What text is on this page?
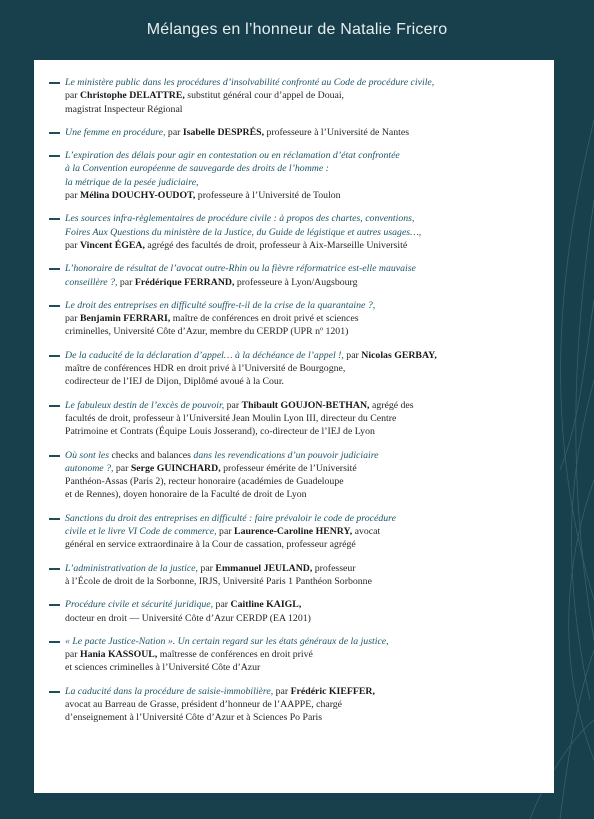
Mélanges en l’honneur de Natalie Fricero
Le ministère public dans les procédures d’insolvabilité confronté au Code de procédure civile,
par Christophe DELATTRE, substitut général cour d’appel de Douai,
magistrat Inspecteur Régional
Une femme en procédure, par Isabelle DESPRÉS, professeure à l’Université de Nantes
L’expiration des délais pour agir en contestation ou en réclamation d’état confrontée
à la Convention européenne de sauvegarde des droits de l’homme :
la métrique de la pesée judiciaire,
par Mélina DOUCHY-OUDOT, professeure à l’Université de Toulon
Les sources infra-règlementaires de procédure civile : à propos des chartes, conventions,
Foires Aux Questions du ministère de la Justice, du Guide de légistique et autres usages…,
par Vincent ÉGEA, agrégé des facultés de droit, professeur à Aix-Marseille Université
L’honoraire de résultat de l’avocat outre-Rhin ou la fièvre réformatrice est-elle mauvaise
conseillère ?, par Frédérique FERRAND, professeure à Lyon/Augsbourg
Le droit des entreprises en difficulté souffre-t-il de la crise de la quarantaine ?,
par Benjamin FERRARI, maître de conférences en droit privé et sciences
criminelles, Université Côte d’Azur, membre du CERDP (UPR nº 1201)
De la caducité de la déclaration d’appel… à la déchéance de l’appel !, par Nicolas GERBAY,
maître de conférences HDR en droit privé à l’Université de Bourgogne,
codirecteur de l’IEJ de Dijon, Diplômé avoué à la Cour.
Le fabuleux destin de l’excès de pouvoir, par Thibault GOUJON-BETHAN, agrégé des
facultés de droit, professeur à l’Université Jean Moulin Lyon III, directeur du Centre
Patrimoine et Contrats (Équipe Louis Josserand), co-directeur de l’IEJ de Lyon
Où sont les checks and balances dans les revendications d’un pouvoir judiciaire
autonome ?, par Serge GUINCHARD, professeur émérite de l’Université
Panthéon-Assas (Paris 2), recteur honoraire (académies de Guadeloupe
et de Rennes), doyen honoraire de la Faculté de droit de Lyon
Sanctions du droit des entreprises en difficulté : faire prévaloir le code de procédure
civile et le livre VI Code de commerce, par Laurence-Caroline HENRY, avocat
général en service extraordinaire à la Cour de cassation, professeur agrégé
L’administrativation de la justice, par Emmanuel JEULAND, professeur
à l’École de droit de la Sorbonne, IRJS, Université Paris 1 Panthéon Sorbonne
Procédure civile et sécurité juridique, par Caitline KAIGL,
docteur en droit — Université Côte d’Azur CERDP (EA 1201)
« Le pacte Justice-Nation ». Un certain regard sur les états généraux de la justice,
par Hania KASSOUL, maîtresse de conférences en droit privé
et sciences criminelles à l’Université Côte d’Azur
La caducité dans la procédure de saisie-immobilière, par Frédéric KIEFFER,
avocat au Barreau de Grasse, président d’honneur de l’AAPPE, chargé
d’enseignement à l’Université Côte d’Azur et à Sciences Po Paris
